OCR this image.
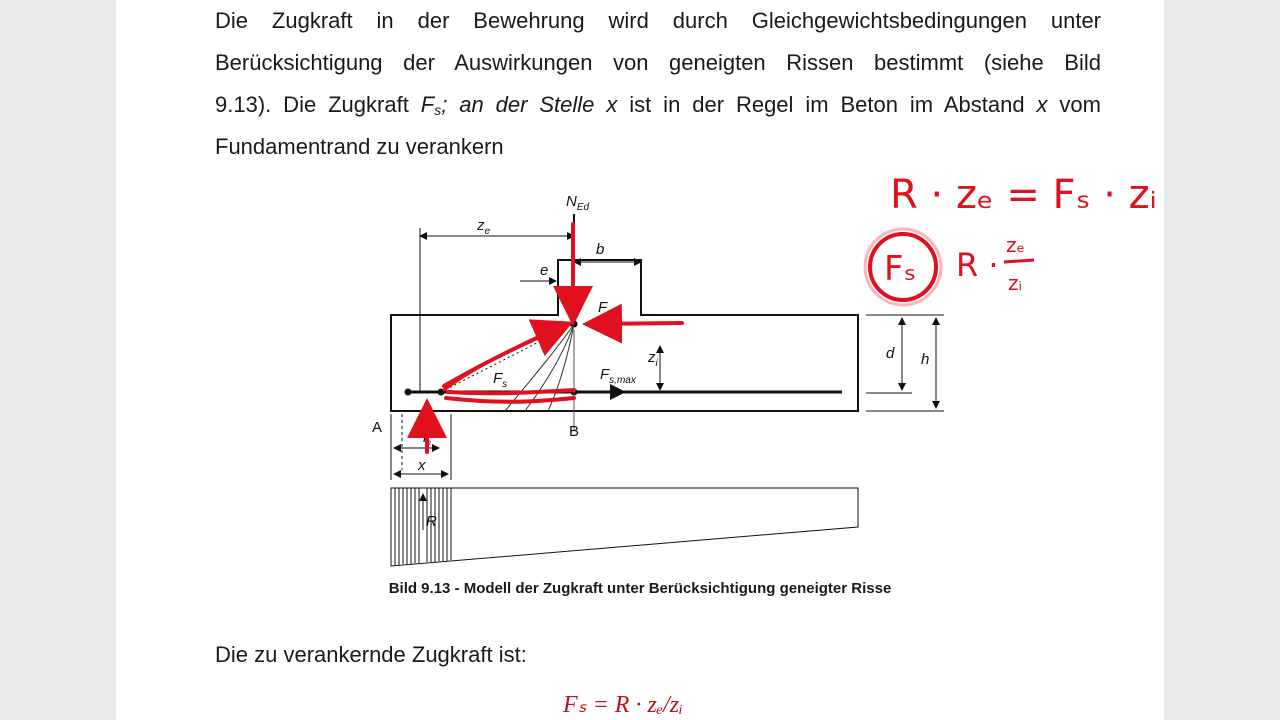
Die Zugkraft in der Bewehrung wird durch Gleichgewichtsbedingungen unter
Berücksichtigung der Auswirkungen von geneigten Rissen bestimmt (siehe Bild
9.13). Die Zugkraft Fs; an der Stelle x ist in der Regel im Beton im Abstand x vom
Fundamentrand zu verankern
$N_{Ed}$
$z_e$
b
e
$F_c$
$z_i$
$F_s$
$F_{s,max}$
d h
A	B
x
R
$l_b$
R · zₑ = Fₛ · zᵢ
Fₛ R ·
zₑ
zᵢ
Bild 9.13 - Modell der Zugkraft unter Berücksichtigung geneigter Risse
Die zu verankernde Zugkraft ist:
Fₛ = R · zₑ/zᵢ
